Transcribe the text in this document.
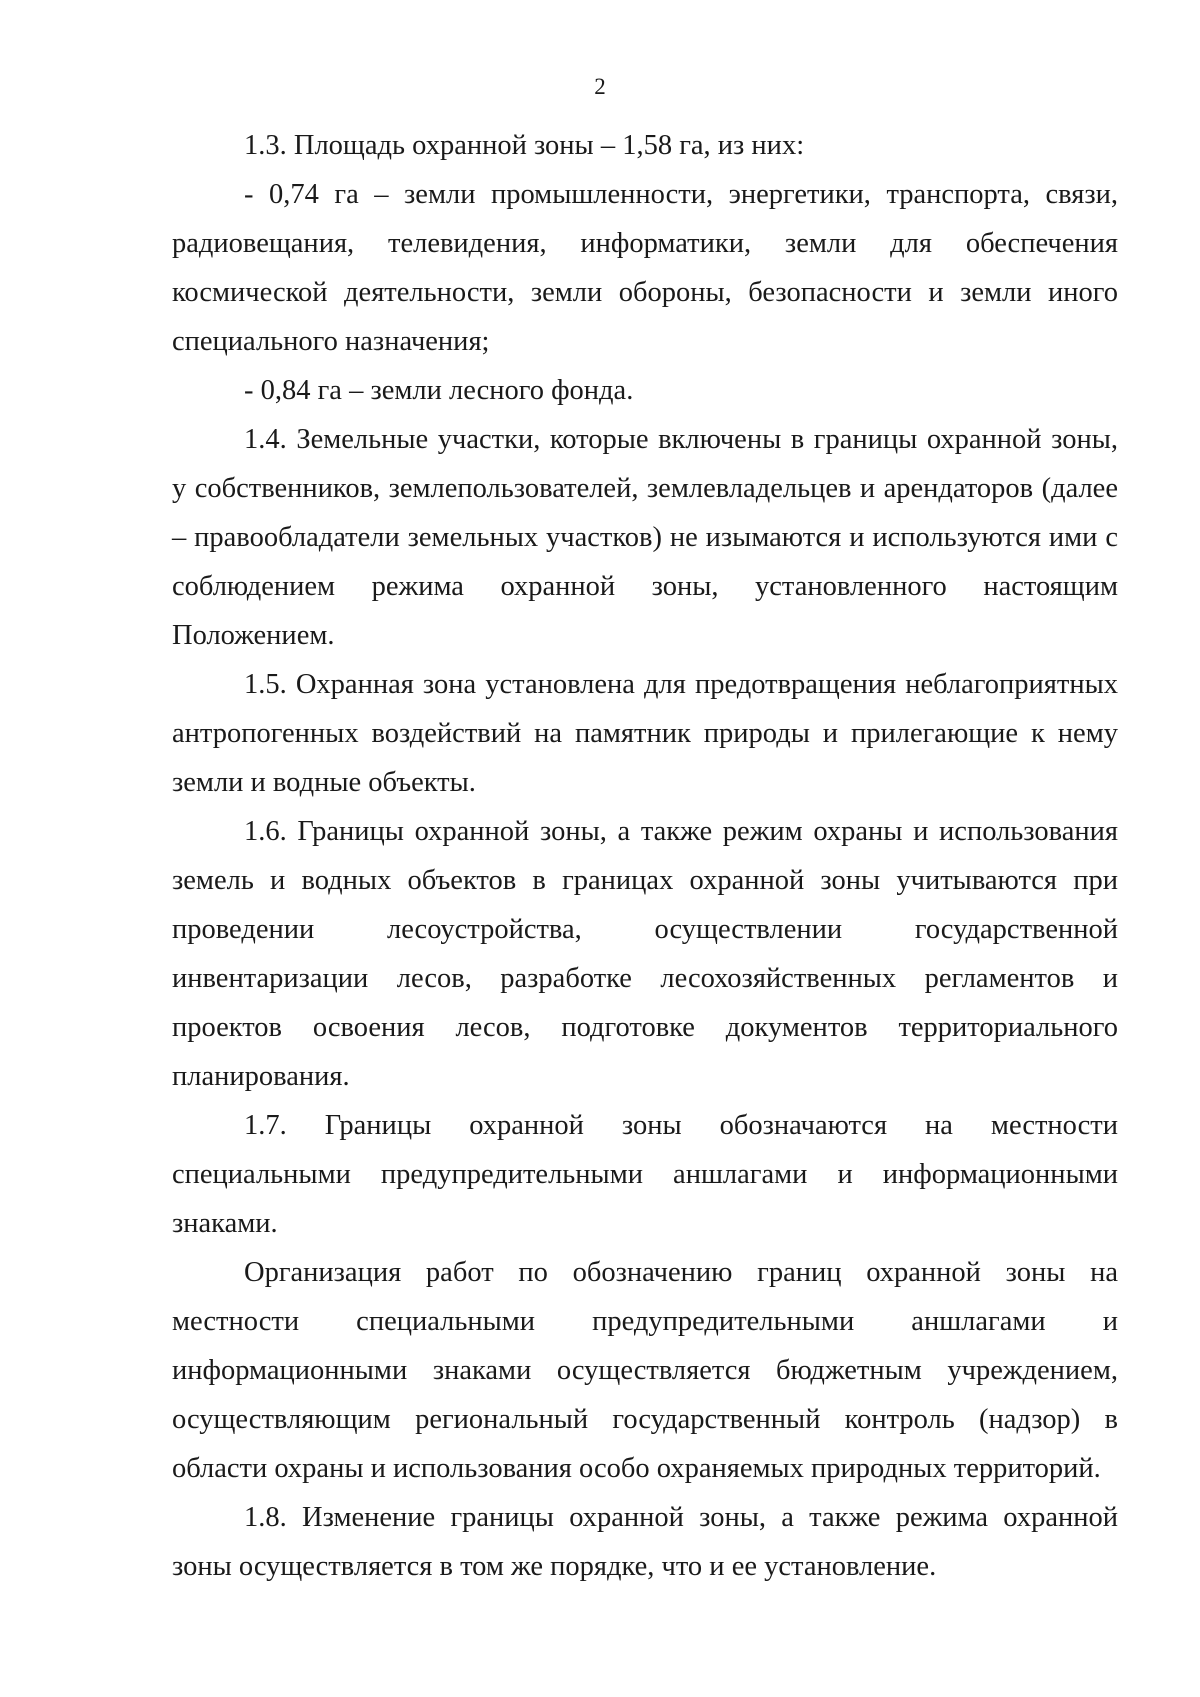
2

1.3. Площадь охранной зоны – 1,58 га, из них:

- 0,74 га – земли промышленности, энергетики, транспорта, связи, радиовещания, телевидения, информатики, земли для обеспечения космической деятельности, земли обороны, безопасности и земли иного специального назначения;

- 0,84 га – земли лесного фонда.

1.4. Земельные участки, которые включены в границы охранной зоны, у собственников, землепользователей, землевладельцев и арендаторов (далее – правообладатели земельных участков) не изымаются и используются ими с соблюдением режима охранной зоны, установленного настоящим Положением.

1.5. Охранная зона установлена для предотвращения неблагоприятных антропогенных воздействий на памятник природы и прилегающие к нему земли и водные объекты.

1.6. Границы охранной зоны, а также режим охраны и использования земель и водных объектов в границах охранной зоны учитываются при проведении лесоустройства, осуществлении государственной инвентаризации лесов, разработке лесохозяйственных регламентов и проектов освоения лесов, подготовке документов территориального планирования.

1.7. Границы охранной зоны обозначаются на местности специальными предупредительными аншлагами и информационными знаками.

Организация работ по обозначению границ охранной зоны на местности специальными предупредительными аншлагами и информационными знаками осуществляется бюджетным учреждением, осуществляющим региональный государственный контроль (надзор) в области охраны и использования особо охраняемых природных территорий.

1.8. Изменение границы охранной зоны, а также режима охранной зоны осуществляется в том же порядке, что и ее установление.
